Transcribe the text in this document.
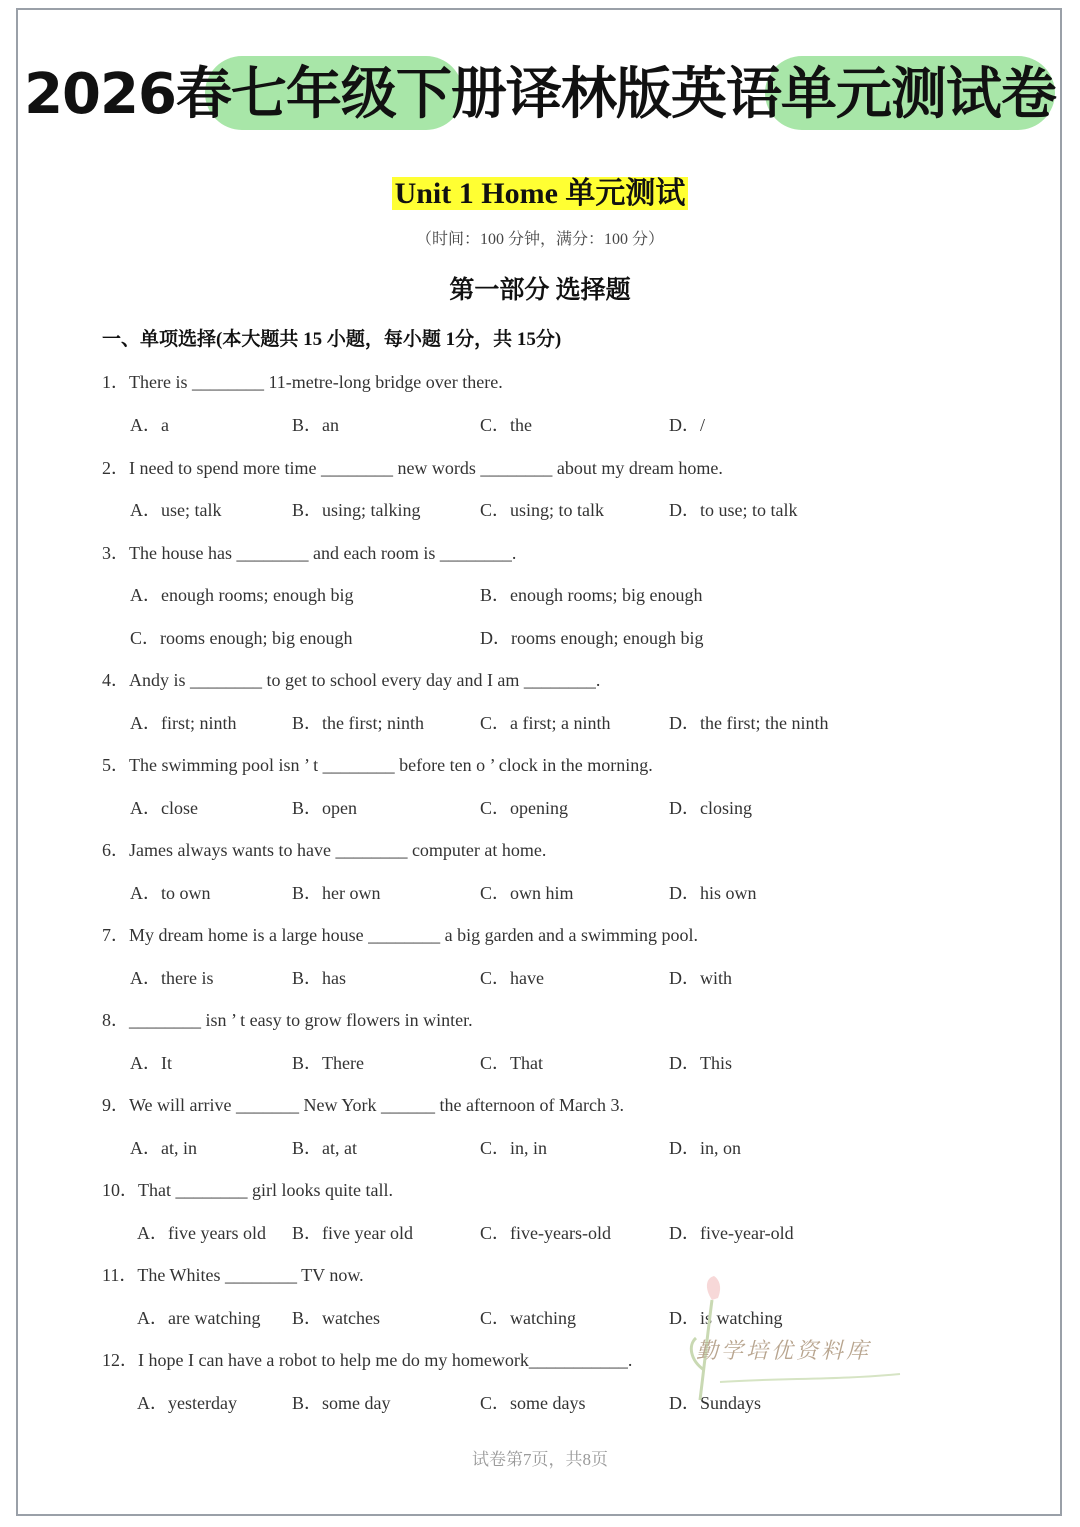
2026春七年级下册译林版英语单元测试卷
Unit 1 Home 单元测试
（时间：100 分钟，满分：100 分）
第一部分 选择题
一、单项选择(本大题共 15 小题，每小题 1分，共 15分)
1．There is ________ 11-metre-long bridge over there.
A．a	B．an	C．the	D．/
2．I need to spend more time ________ new words ________ about my dream home.
A．use; talk	B．using; talking	C．using; to talk	D．to use; to talk
3．The house has ________ and each room is ________.
A．enough rooms; enough big	B．enough rooms; big enough
C．rooms enough; big enough	D．rooms enough; enough big
4．Andy is ________ to get to school every day and I am ________.
A．first; ninth	B．the first; ninth	C．a first; a ninth	D．the first; the ninth
5．The swimming pool isn ’ t ________ before ten o ’ clock in the morning.
A．close	B．open	C．opening	D．closing
6．James always wants to have ________ computer at home.
A．to own	B．her own	C．own him	D．his own
7．My dream home is a large house ________ a big garden and a swimming pool.
A．there is	B．has	C．have	D．with
8．________ isn ’ t easy to grow flowers in winter.
A．It	B．There	C．That	D．This
9．We will arrive _______ New York ______ the afternoon of March 3.
A．at, in	B．at, at	C．in, in	D．in, on
10．That ________ girl looks quite tall.
A．five years old B．five year old	C．five-years-old	D．five-year-old
11．The Whites ________ TV now.
A．are watching B．watches	C．watching	D．is watching
12．I hope I can have a robot to help me do my homework___________.
A．yesterday	B．some day	C．some days	D．Sundays
勤学培优资料库
试卷第7页，共8页
